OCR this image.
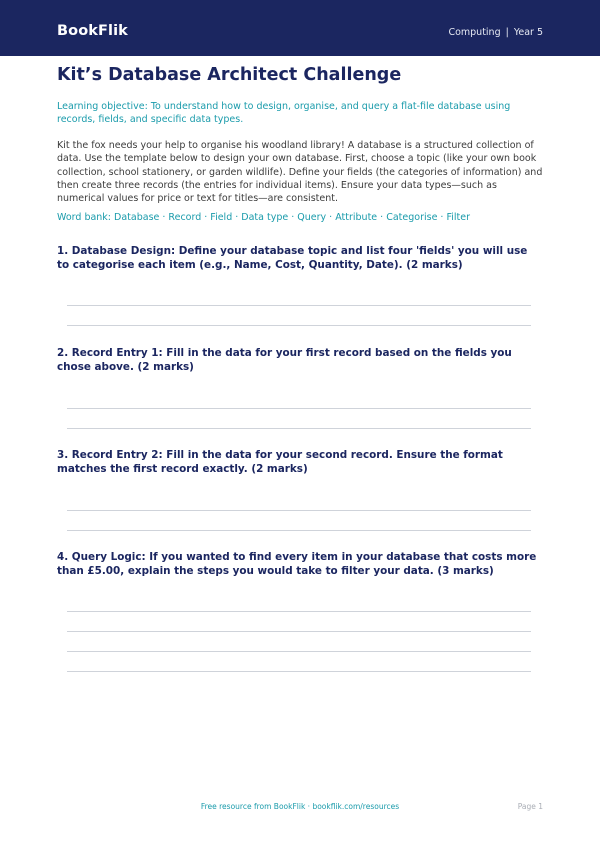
BookFlik	Computing | Year 5
Kit’s Database Architect Challenge

Learning objective: To understand how to design, organise, and query a flat-file database using records, fields, and specific data types.

Kit the fox needs your help to organise his woodland library! A database is a structured collection of data. Use the template below to design your own database. First, choose a topic (like your own book collection, school stationery, or garden wildlife). Define your fields (the categories of information) and then create three records (the entries for individual items). Ensure your data types—such as numerical values for price or text for titles—are consistent.

Word bank: Database · Record · Field · Data type · Query · Attribute · Categorise · Filter

1. Database Design: Define your database topic and list four 'fields' you will use to categorise each item (e.g., Name, Cost, Quantity, Date). (2 marks)

2. Record Entry 1: Fill in the data for your first record based on the fields you chose above. (2 marks)

3. Record Entry 2: Fill in the data for your second record. Ensure the format matches the first record exactly. (2 marks)

4. Query Logic: If you wanted to find every item in your database that costs more than £5.00, explain the steps you would take to filter your data. (3 marks)

Free resource from BookFlik · bookflik.com/resources	Page 1
